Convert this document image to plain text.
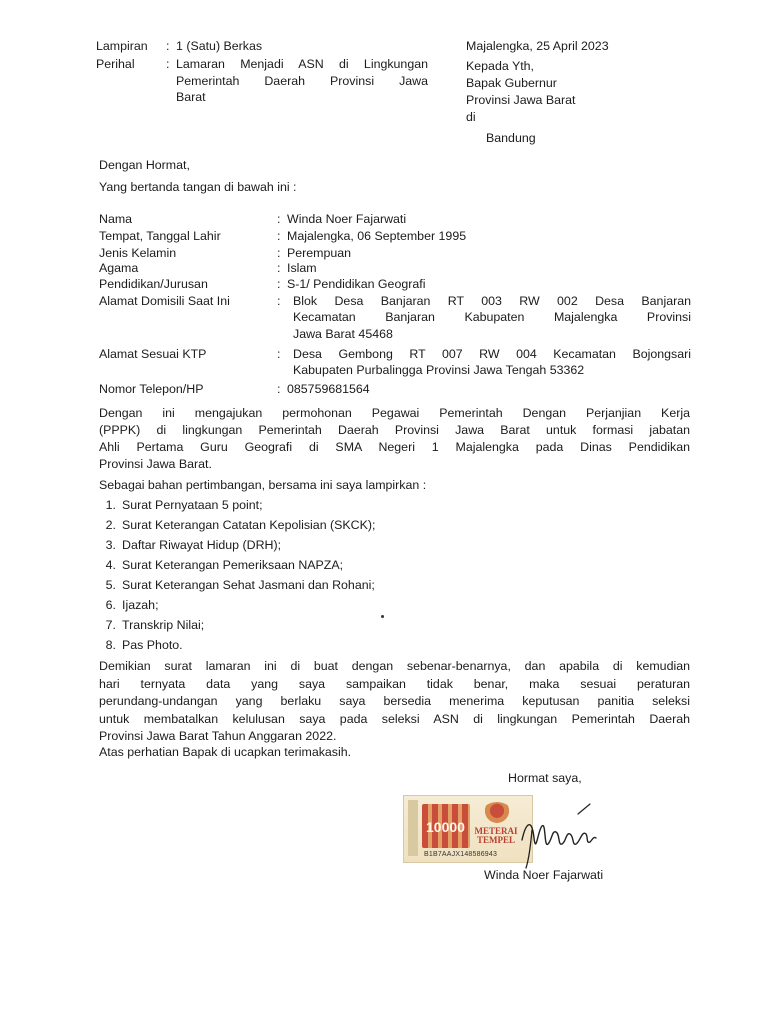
Lampiran	: 1 (Satu) Berkas
Perihal	: Lamaran Menjadi ASN di Lingkungan
Pemerintah Daerah Provinsi Jawa
Barat
Majalengka, 25 April 2023
Kepada Yth,
Bapak Gubernur
Provinsi Jawa Barat
di
Bandung
Dengan Hormat,
Yang bertanda tangan di bawah ini :
Nama	: Winda Noer Fajarwati
Tempat, Tanggal Lahir	: Majalengka, 06 September 1995
Jenis Kelamin	: Perempuan
Agama	: Islam
Pendidikan/Jurusan	: S-1/ Pendidikan Geografi
Alamat Domisili Saat Ini	:	Blok Desa Banjaran RT 003 RW 002 Desa Banjaran
Kecamatan Banjaran Kabupaten Majalengka Provinsi
Jawa Barat 45468
Alamat Sesuai KTP	:	Desa Gembong RT 007 RW 004 Kecamatan Bojongsari
Kabupaten Purbalingga Provinsi Jawa Tengah 53362
Nomor Telepon/HP	: 085759681564
Dengan ini mengajukan permohonan Pegawai Pemerintah Dengan Perjanjian Kerja
(PPPK) di lingkungan Pemerintah Daerah Provinsi Jawa Barat untuk formasi jabatan
Ahli Pertama Guru Geografi di SMA Negeri 1 Majalengka pada Dinas Pendidikan
Provinsi Jawa Barat.
Sebagai bahan pertimbangan, bersama ini saya lampirkan :
1. Surat Pernyataan 5 point;
2. Surat Keterangan Catatan Kepolisian (SKCK);
3. Daftar Riwayat Hidup (DRH);
4. Surat Keterangan Pemeriksaan NAPZA;
5. Surat Keterangan Sehat Jasmani dan Rohani;
6. Ijazah;
7. Transkrip Nilai;
8. Pas Photo.
Demikian surat lamaran ini di buat dengan sebenar-benarnya, dan apabila di kemudian
hari ternyata data yang saya sampaikan tidak benar, maka sesuai peraturan
perundang-undangan yang berlaku saya bersedia menerima keputusan panitia seleksi
untuk membatalkan kelulusan saya pada seleksi ASN di lingkungan Pemerintah Daerah
Provinsi Jawa Barat Tahun Anggaran 2022.
Atas perhatian Bapak di ucapkan terimakasih.
Hormat saya,
10000 METERAI
TEMPEL
B1B7AAJX148586943
Winda Noer Fajarwati
